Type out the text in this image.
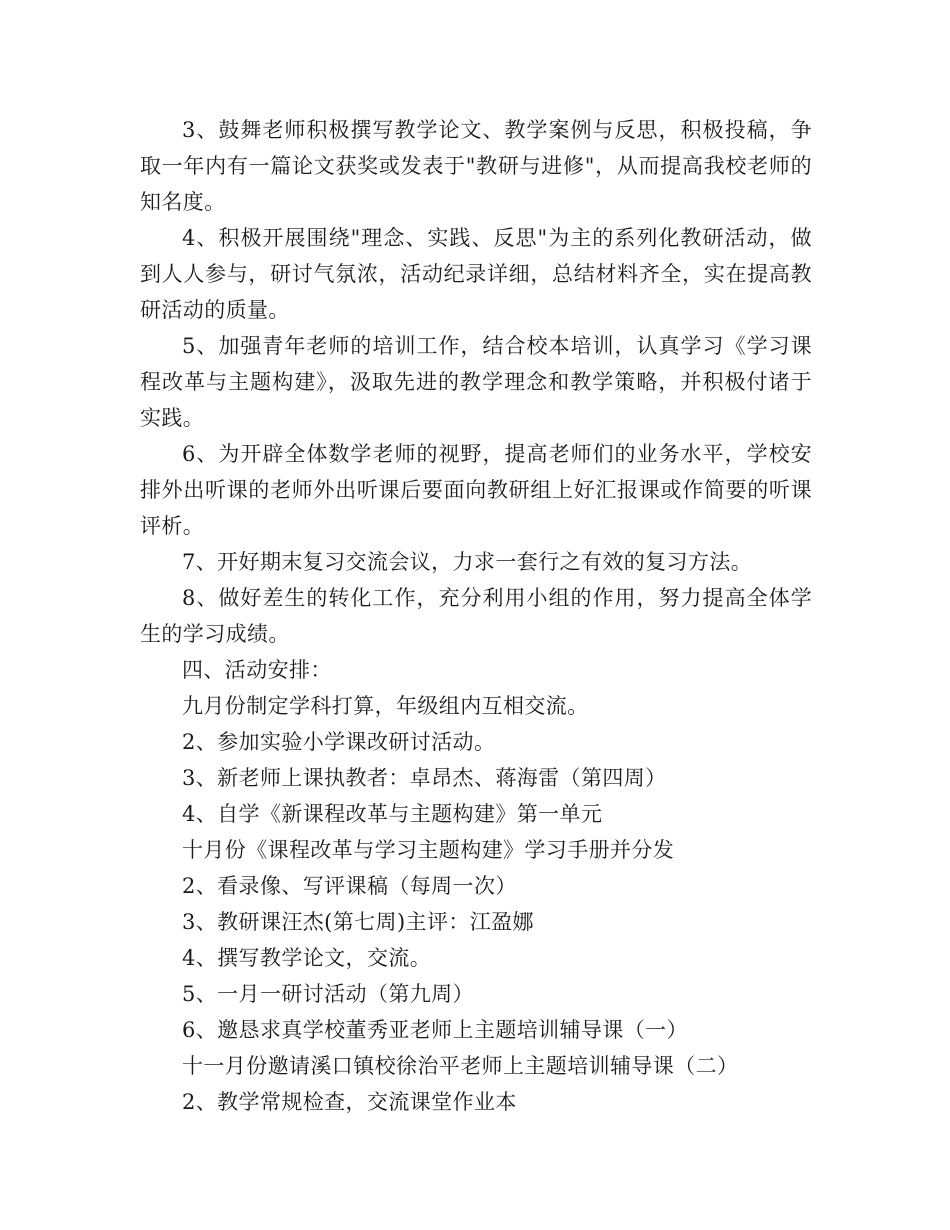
3、鼓舞老师积极撰写教学论文、教学案例与反思，积极投稿，争取一年内有一篇论文获奖或发表于"教研与进修"，从而提高我校老师的知名度。

4、积极开展围绕"理念、实践、反思"为主的系列化教研活动，做到人人参与，研讨气氛浓，活动纪录详细，总结材料齐全，实在提高教研活动的质量。

5、加强青年老师的培训工作，结合校本培训，认真学习《学习课程改革与主题构建》，汲取先进的教学理念和教学策略，并积极付诸于实践。

6、为开辟全体数学老师的视野，提高老师们的业务水平，学校安排外出听课的老师外出听课后要面向教研组上好汇报课或作简要的听课评析。

7、开好期末复习交流会议，力求一套行之有效的复习方法。

8、做好差生的转化工作，充分利用小组的作用，努力提高全体学生的学习成绩。

四、活动安排：

九月份制定学科打算，年级组内互相交流。

2、参加实验小学课改研讨活动。

3、新老师上课执教者：卓昂杰、蒋海雷（第四周）

4、自学《新课程改革与主题构建》第一单元

十月份《课程改革与学习主题构建》学习手册并分发

2、看录像、写评课稿（每周一次）

3、教研课汪杰(第七周)主评：江盈娜

4、撰写教学论文，交流。

5、一月一研讨活动（第九周）

6、邀恳求真学校董秀亚老师上主题培训辅导课（一）

十一月份邀请溪口镇校徐治平老师上主题培训辅导课（二）

2、教学常规检查，交流课堂作业本
